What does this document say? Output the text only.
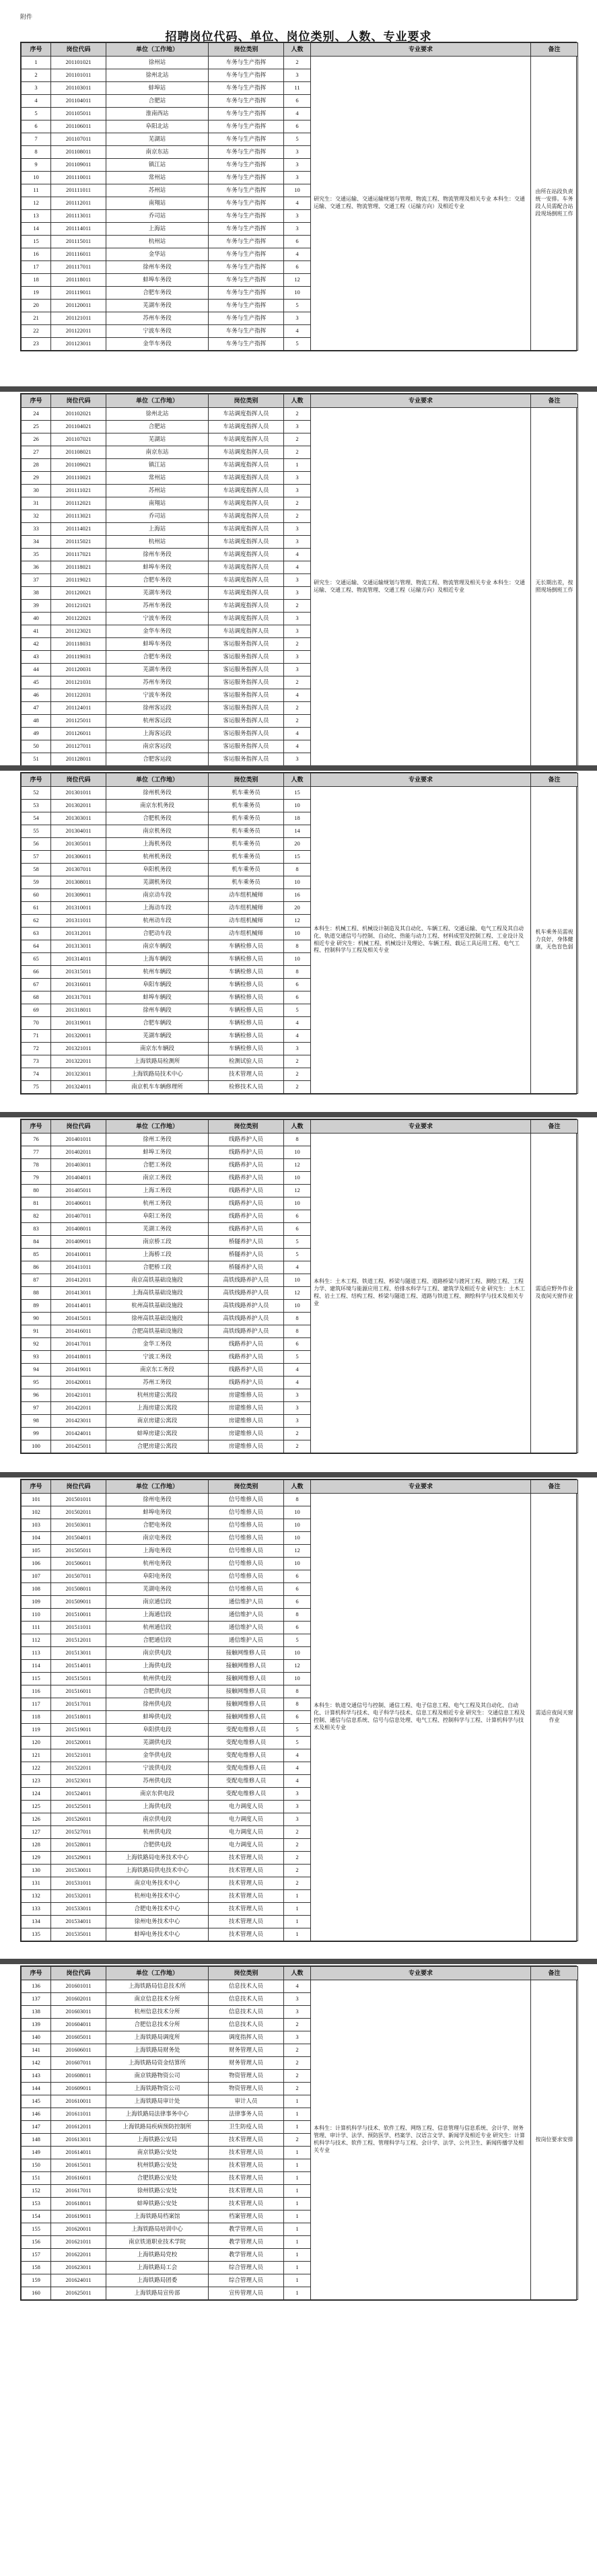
附件
招聘岗位代码、单位、岗位类别、人数、专业要求
序号	岗位代码	单位（工作地）	岗位类别	人数	专业要求	备注
1	201101021	徐州站	车务与生产指挥	2	研究生：交通运输、交通运输规划与管理、物流工程、物流管理及相关专业 本科生：交通运输、交通工程、物流管理、交通工程（运输方向）及相近专业	由所在站段负责统一安排。车务段人员需配合站段现场倒班工作
2	201101011	徐州北站	车务与生产指挥	3		
3	201103011	蚌埠站	车务与生产指挥	11		
4	201104011	合肥站	车务与生产指挥	6		
5	201105011	淮南西站	车务与生产指挥	4		
6	201106011	阜阳北站	车务与生产指挥	6		
7	201107011	芜湖站	车务与生产指挥	5		
8	201108011	南京东站	车务与生产指挥	3		
9	201109011	镇江站	车务与生产指挥	3		
10	201110011	常州站	车务与生产指挥	3		
11	201111011	苏州站	车务与生产指挥	10		
12	201112011	南翔站	车务与生产指挥	4		
13	201113011	乔司站	车务与生产指挥	3		
14	201114011	上海站	车务与生产指挥	3		
15	201115011	杭州站	车务与生产指挥	6		
16	201116011	金华站	车务与生产指挥	4		
17	201117011	徐州车务段	车务与生产指挥	6		
18	201118011	蚌埠车务段	车务与生产指挥	12		
19	201119011	合肥车务段	车务与生产指挥	10		
20	201120011	芜湖车务段	车务与生产指挥	5		
21	201121011	苏州车务段	车务与生产指挥	3		
22	201122011	宁波车务段	车务与生产指挥	4		
23	201123011	金华车务段	车务与生产指挥	5		
序号	岗位代码	单位（工作地）	岗位类别	人数	专业要求	备注
24	201102021	徐州北站	车站调度指挥人员	2	研究生：交通运输、交通运输规划与管理、物流工程、物流管理及相关专业 本科生：交通运输、交通工程、物流管理、交通工程（运输方向）及相近专业	无长期出差，按照现场倒班工作
25	201104021	合肥站	车站调度指挥人员	3		
26	201107021	芜湖站	车站调度指挥人员	2		
27	201108021	南京东站	车站调度指挥人员	2		
28	201109021	镇江站	车站调度指挥人员	1		
29	201110021	常州站	车站调度指挥人员	3		
30	201111021	苏州站	车站调度指挥人员	3		
31	201112021	南翔站	车站调度指挥人员	2		
32	201113021	乔司站	车站调度指挥人员	2		
33	201114021	上海站	车站调度指挥人员	3		
34	201115021	杭州站	车站调度指挥人员	3		
35	201117021	徐州车务段	车站调度指挥人员	4		
36	201118021	蚌埠车务段	车站调度指挥人员	4		
37	201119021	合肥车务段	车站调度指挥人员	3		
38	201120021	芜湖车务段	车站调度指挥人员	3		
39	201121021	苏州车务段	车站调度指挥人员	2		
40	201122021	宁波车务段	车站调度指挥人员	3		
41	201123021	金华车务段	车站调度指挥人员	3		
42	201118031	蚌埠车务段	客运服务指挥人员	2		
43	201119031	合肥车务段	客运服务指挥人员	3		
44	201120031	芜湖车务段	客运服务指挥人员	3		
45	201121031	苏州车务段	客运服务指挥人员	2		
46	201122031	宁波车务段	客运服务指挥人员	4		
47	201124011	徐州客运段	客运服务指挥人员	2		
48	201125011	杭州客运段	客运服务指挥人员	2		
49	201126011	上海客运段	客运服务指挥人员	4		
50	201127011	南京客运段	客运服务指挥人员	4		
51	201128011	合肥客运段	客运服务指挥人员	3		
序号	岗位代码	单位（工作地）	岗位类别	人数	专业要求	备注
52	201301011	徐州机务段	机车乘务员	15	本科生：机械工程、机械设计制造及其自动化、车辆工程、交通运输、电气工程及其自动化、轨道交通信号与控制、自动化、热能与动力工程、材料成型及控制工程、工业设计及相近专业 研究生：机械工程、机械设计及理论、车辆工程、载运工具运用工程、电气工程、控制科学与工程及相关专业	机车乘务员需视力良好，身体健康，无色盲色弱
53	201302011	南京东机务段	机车乘务员	10		
54	201303011	合肥机务段	机车乘务员	18		
55	201304011	南京机务段	机车乘务员	14		
56	201305011	上海机务段	机车乘务员	20		
57	201306011	杭州机务段	机车乘务员	15		
58	201307011	阜阳机务段	机车乘务员	8		
59	201308011	芜湖机务段	机车乘务员	10		
60	201309011	南京动车段	动车组机械师	16		
61	201310011	上海动车段	动车组机械师	20		
62	201311011	杭州动车段	动车组机械师	12		
63	201312011	合肥动车段	动车组机械师	10		
64	201313011	南京车辆段	车辆检修人员	8		
65	201314011	上海车辆段	车辆检修人员	10		
66	201315011	杭州车辆段	车辆检修人员	8		
67	201316011	阜阳车辆段	车辆检修人员	6		
68	201317011	蚌埠车辆段	车辆检修人员	6		
69	201318011	徐州车辆段	车辆检修人员	5		
70	201319011	合肥车辆段	车辆检修人员	4		
71	201320011	芜湖车辆段	车辆检修人员	4		
72	201321011	南京东车辆段	车辆检修人员	3		
73	201322011	上海铁路局检测所	检测试验人员	2		
74	201323011	上海铁路局技术中心	技术管理人员	2		
75	201324011	南京机车车辆修理所	检修技术人员	2		
序号	岗位代码	单位（工作地）	岗位类别	人数	专业要求	备注
76	201401011	徐州工务段	线路养护人员	8	本科生：土木工程、铁道工程、桥梁与隧道工程、道路桥梁与渡河工程、测绘工程、工程力学、建筑环境与能源应用工程、给排水科学与工程、建筑学及相近专业 研究生：土木工程、岩土工程、结构工程、桥梁与隧道工程、道路与铁道工程、测绘科学与技术及相关专业	需适应野外作业及夜间天窗作业
77	201402011	蚌埠工务段	线路养护人员	10		
78	201403011	合肥工务段	线路养护人员	12		
79	201404011	南京工务段	线路养护人员	10		
80	201405011	上海工务段	线路养护人员	12		
81	201406011	杭州工务段	线路养护人员	10		
82	201407011	阜阳工务段	线路养护人员	6		
83	201408011	芜湖工务段	线路养护人员	6		
84	201409011	南京桥工段	桥隧养护人员	5		
85	201410011	上海桥工段	桥隧养护人员	5		
86	201411011	合肥桥工段	桥隧养护人员	4		
87	201412011	南京高铁基础设施段	高铁线路养护人员	10		
88	201413011	上海高铁基础设施段	高铁线路养护人员	12		
89	201414011	杭州高铁基础设施段	高铁线路养护人员	10		
90	201415011	徐州高铁基础设施段	高铁线路养护人员	8		
91	201416011	合肥高铁基础设施段	高铁线路养护人员	8		
92	201417011	金华工务段	线路养护人员	6		
93	201418011	宁波工务段	线路养护人员	5		
94	201419011	南京东工务段	线路养护人员	4		
95	201420011	苏州工务段	线路养护人员	4		
96	201421011	杭州房建公寓段	房建维修人员	3		
97	201422011	上海房建公寓段	房建维修人员	3		
98	201423011	南京房建公寓段	房建维修人员	3		
99	201424011	蚌埠房建公寓段	房建维修人员	2		
100	201425011	合肥房建公寓段	房建维修人员	2		
序号	岗位代码	单位（工作地）	岗位类别	人数	专业要求	备注
101	201501011	徐州电务段	信号维修人员	8	本科生：轨道交通信号与控制、通信工程、电子信息工程、电气工程及其自动化、自动化、计算机科学与技术、电子科学与技术、信息工程及相近专业 研究生：交通信息工程及控制、通信与信息系统、信号与信息处理、电气工程、控制科学与工程、计算机科学与技术及相关专业	需适应夜间天窗作业
102	201502011	蚌埠电务段	信号维修人员	10		
103	201503011	合肥电务段	信号维修人员	10		
104	201504011	南京电务段	信号维修人员	10		
105	201505011	上海电务段	信号维修人员	12		
106	201506011	杭州电务段	信号维修人员	10		
107	201507011	阜阳电务段	信号维修人员	6		
108	201508011	芜湖电务段	信号维修人员	6		
109	201509011	南京通信段	通信维护人员	6		
110	201510011	上海通信段	通信维护人员	8		
111	201511011	杭州通信段	通信维护人员	6		
112	201512011	合肥通信段	通信维护人员	5		
113	201513011	南京供电段	接触网维修人员	10		
114	201514011	上海供电段	接触网维修人员	12		
115	201515011	杭州供电段	接触网维修人员	10		
116	201516011	合肥供电段	接触网维修人员	8		
117	201517011	徐州供电段	接触网维修人员	8		
118	201518011	蚌埠供电段	接触网维修人员	6		
119	201519011	阜阳供电段	变配电维修人员	5		
120	201520011	芜湖供电段	变配电维修人员	5		
121	201521011	金华供电段	变配电维修人员	4		
122	201522011	宁波供电段	变配电维修人员	4		
123	201523011	苏州供电段	变配电维修人员	4		
124	201524011	南京东供电段	变配电维修人员	3		
125	201525011	上海供电段	电力调度人员	3		
126	201526011	南京供电段	电力调度人员	3		
127	201527011	杭州供电段	电力调度人员	2		
128	201528011	合肥供电段	电力调度人员	2		
129	201529011	上海铁路局电务技术中心	技术管理人员	2		
130	201530011	上海铁路局供电技术中心	技术管理人员	2		
131	201531011	南京电务技术中心	技术管理人员	2		
132	201532011	杭州电务技术中心	技术管理人员	1		
133	201533011	合肥电务技术中心	技术管理人员	1		
134	201534011	徐州电务技术中心	技术管理人员	1		
135	201535011	蚌埠电务技术中心	技术管理人员	1		
序号	岗位代码	单位（工作地）	岗位类别	人数	专业要求	备注
136	201601011	上海铁路局信息技术所	信息技术人员	4	本科生：计算机科学与技术、软件工程、网络工程、信息管理与信息系统、会计学、财务管理、审计学、法学、预防医学、档案学、汉语言文学、新闻学及相近专业 研究生：计算机科学与技术、软件工程、管理科学与工程、会计学、法学、公共卫生、新闻传播学及相关专业	按岗位要求安排
137	201602011	南京信息技术分所	信息技术人员	3		
138	201603011	杭州信息技术分所	信息技术人员	3		
139	201604011	合肥信息技术分所	信息技术人员	2		
140	201605011	上海铁路局调度所	调度指挥人员	3		
141	201606011	上海铁路局财务处	财务管理人员	2		
142	201607011	上海铁路局资金结算所	财务管理人员	2		
143	201608011	南京铁路物资公司	物资管理人员	2		
144	201609011	上海铁路物资公司	物资管理人员	2		
145	201610011	上海铁路局审计处	审计人员	1		
146	201611011	上海铁路局法律事务中心	法律事务人员	1		
147	201612011	上海铁路局疾病预防控制所	卫生防疫人员	1		
148	201613011	上海铁路公安局	技术管理人员	2		
149	201614011	南京铁路公安处	技术管理人员	1		
150	201615011	杭州铁路公安处	技术管理人员	1		
151	201616011	合肥铁路公安处	技术管理人员	1		
152	201617011	徐州铁路公安处	技术管理人员	1		
153	201618011	蚌埠铁路公安处	技术管理人员	1		
154	201619011	上海铁路局档案馆	档案管理人员	1		
155	201620011	上海铁路局培训中心	教学管理人员	1		
156	201621011	南京铁道职业技术学院	教学管理人员	1		
157	201622011	上海铁路局党校	教学管理人员	1		
158	201623011	上海铁路局工会	综合管理人员	1		
159	201624011	上海铁路局团委	综合管理人员	1		
160	201625011	上海铁路局宣传部	宣传管理人员	1		
